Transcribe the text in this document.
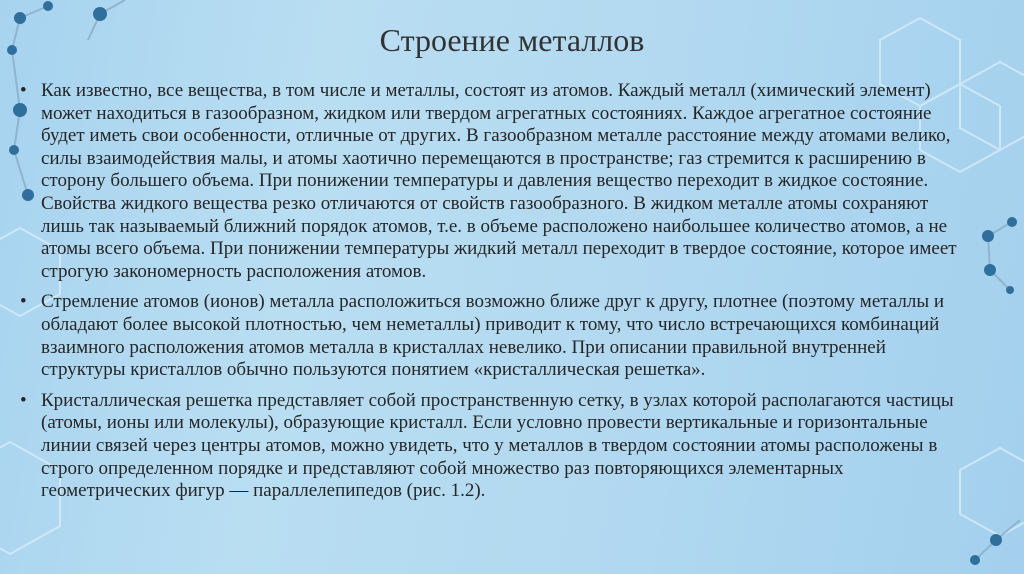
Строение металлов
• Как известно, все вещества, в том числе и металлы, состоят из атомов. Каждый металл (химический элемент) может находиться в газообразном, жидком или твердом агрегатных состояниях. Каждое агрегатное состояние будет иметь свои особенности, отличные от других. В газообразном металле расстояние между атомами велико, силы взаимодействия малы, и атомы хаотично перемещаются в пространстве; газ стремится к расширению в сторону большего объема. При понижении температуры и давления вещество переходит в жидкое состояние. Свойства жидкого вещества резко отличаются от свойств газообразного. В жидком металле атомы сохраняют лишь так называемый ближний порядок атомов, т.е. в объеме расположено наибольшее количество атомов, а не атомы всего объема. При понижении температуры жидкий металл переходит в твердое состояние, которое имеет строгую закономерность расположения атомов.
• Стремление атомов (ионов) металла расположиться возможно ближе друг к другу, плотнее (поэтому металлы и обладают более высокой плотностью, чем неметаллы) приводит к тому, что число встречающихся комбинаций взаимного расположения атомов металла в кристаллах невелико. При описании правильной внутренней структуры кристаллов обычно пользуются понятием «кристаллическая решетка».
• Кристаллическая решетка представляет собой пространственную сетку, в узлах которой располагаются частицы (атомы, ионы или молекулы), образующие кристалл. Если условно провести вертикальные и горизонтальные линии связей через центры атомов, можно увидеть, что у металлов в твердом состоянии атомы расположены в строго определенном порядке и представляют собой множество раз повторяющихся элементарных геометрических фигур — параллелепипедов (рис. 1.2).
